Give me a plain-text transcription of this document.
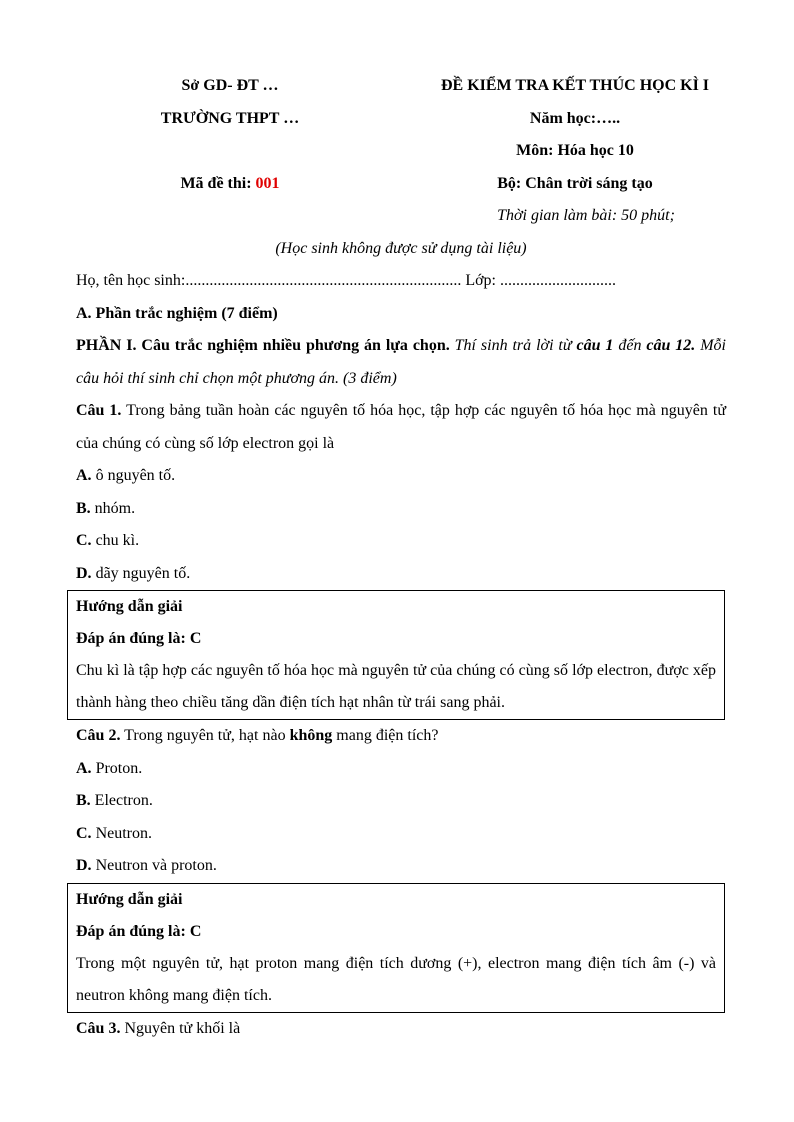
Sở GD- ĐT …
TRƯỜNG THPT …
Mã đề thi: 001
ĐỀ KIỂM TRA KẾT THÚC HỌC KÌ I
Năm học:…..
Môn: Hóa học 10
Bộ: Chân trời sáng tạo
Thời gian làm bài: 50 phút;
(Học sinh không được sử dụng tài liệu)
Họ, tên học sinh:..................................................................... Lớp: .............................
A. Phần trắc nghiệm (7 điểm)
PHẦN I. Câu trắc nghiệm nhiều phương án lựa chọn. Thí sinh trả lời từ câu 1 đến câu 12. Mỗi câu hỏi thí sinh chỉ chọn một phương án. (3 điểm)
Câu 1. Trong bảng tuần hoàn các nguyên tố hóa học, tập hợp các nguyên tố hóa học mà nguyên tử của chúng có cùng số lớp electron gọi là
A. ô nguyên tố.
B. nhóm.
C. chu kì.
D. dãy nguyên tố.
Hướng dẫn giải
Đáp án đúng là: C
Chu kì là tập hợp các nguyên tố hóa học mà nguyên tử của chúng có cùng số lớp electron, được xếp thành hàng theo chiều tăng dần điện tích hạt nhân từ trái sang phải.
Câu 2. Trong nguyên tử, hạt nào không mang điện tích?
A. Proton.
B. Electron.
C. Neutron.
D. Neutron và proton.
Hướng dẫn giải
Đáp án đúng là: C
Trong một nguyên tử, hạt proton mang điện tích dương (+), electron mang điện tích âm (-) và neutron không mang điện tích.
Câu 3. Nguyên tử khối là
